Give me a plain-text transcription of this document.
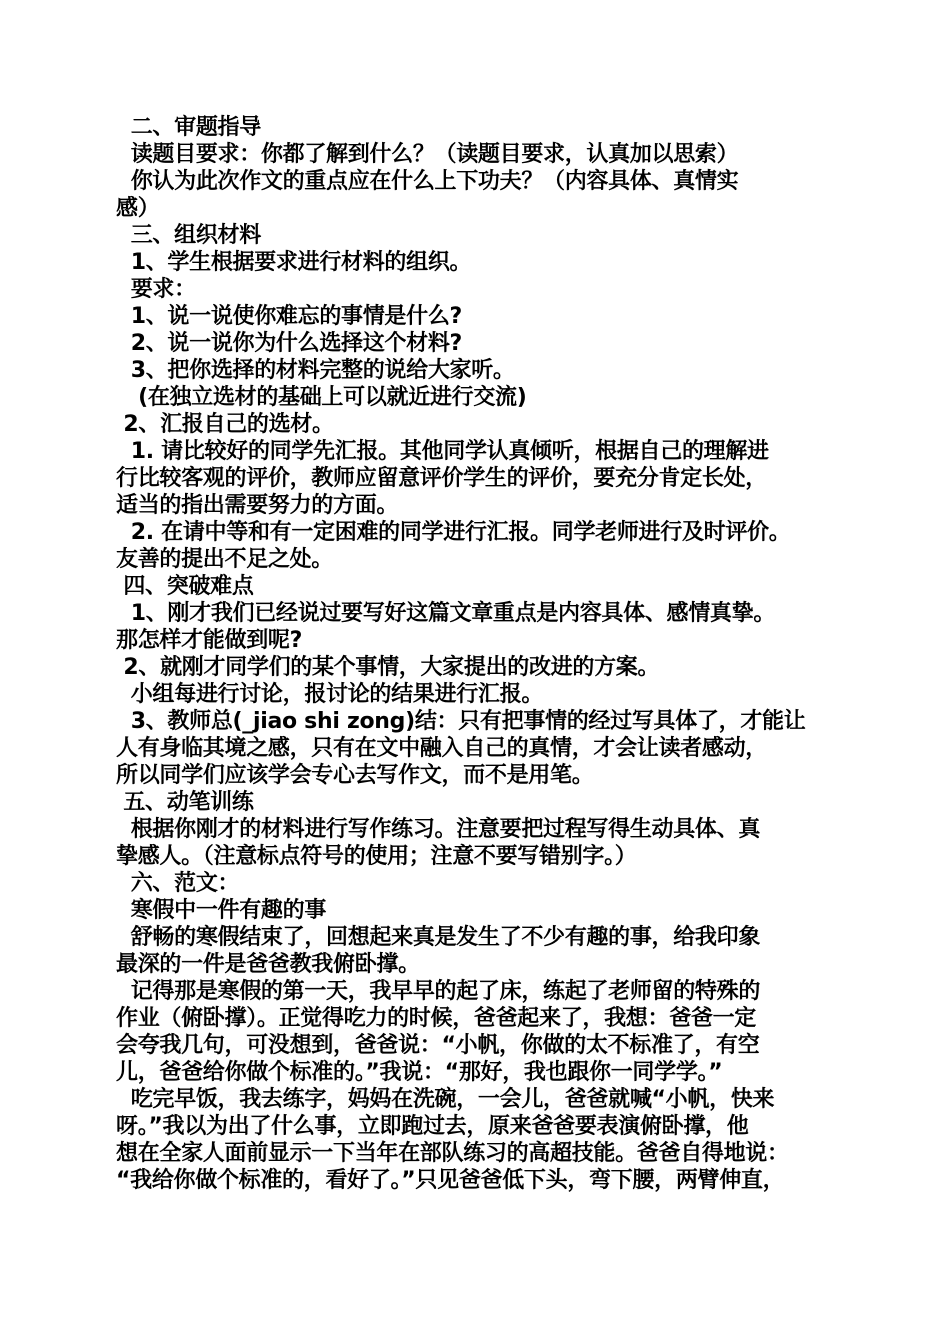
二、审题指导
读题目要求：你都了解到什么？（读题目要求，认真加以思索）
你认为此次作文的重点应在什么上下功夫？（内容具体、真情实
感）
三、组织材料
1、学生根据要求进行材料的组织。
要求：
1、说一说使你难忘的事情是什么?
2、说一说你为什么选择这个材料?
3、把你选择的材料完整的说给大家听。
(在独立选材的基础上可以就近进行交流)
2、汇报自己的选材。
1. 请比较好的同学先汇报。其他同学认真倾听，根据自己的理解进
行比较客观的评价，教师应留意评价学生的评价，要充分肯定长处，
适当的指出需要努力的方面。
2. 在请中等和有一定困难的同学进行汇报。同学老师进行及时评价。
友善的提出不足之处。
四、突破难点
1、刚才我们已经说过要写好这篇文章重点是内容具体、感情真挚。
那怎样才能做到呢?
2、就刚才同学们的某个事情，大家提出的改进的方案。
小组每进行讨论，报讨论的结果进行汇报。
3、教师总(_jiao shi zong)结：只有把事情的经过写具体了，才能让
人有身临其境之感，只有在文中融入自己的真情，才会让读者感动，
所以同学们应该学会专心去写作文，而不是用笔。
五、动笔训练
根据你刚才的材料进行写作练习。注意要把过程写得生动具体、真
挚感人。（注意标点符号的使用；注意不要写错别字。）
六、范文：
寒假中一件有趣的事
舒畅的寒假结束了，回想起来真是发生了不少有趣的事，给我印象
最深的一件是爸爸教我俯卧撑。
记得那是寒假的第一天，我早早的起了床，练起了老师留的特殊的
作业（俯卧撑）。正觉得吃力的时候，爸爸起来了，我想：爸爸一定
会夸我几句，可没想到，爸爸说：“小帆，你做的太不标准了，有空
儿，爸爸给你做个标准的。”我说：“那好，我也跟你一同学学。”
吃完早饭，我去练字，妈妈在洗碗，一会儿，爸爸就喊“小帆，快来
呀。”我以为出了什么事，立即跑过去，原来爸爸要表演俯卧撑，他
想在全家人面前显示一下当年在部队练习的高超技能。爸爸自得地说：
“我给你做个标准的，看好了。”只见爸爸低下头，弯下腰，两臂伸直，
